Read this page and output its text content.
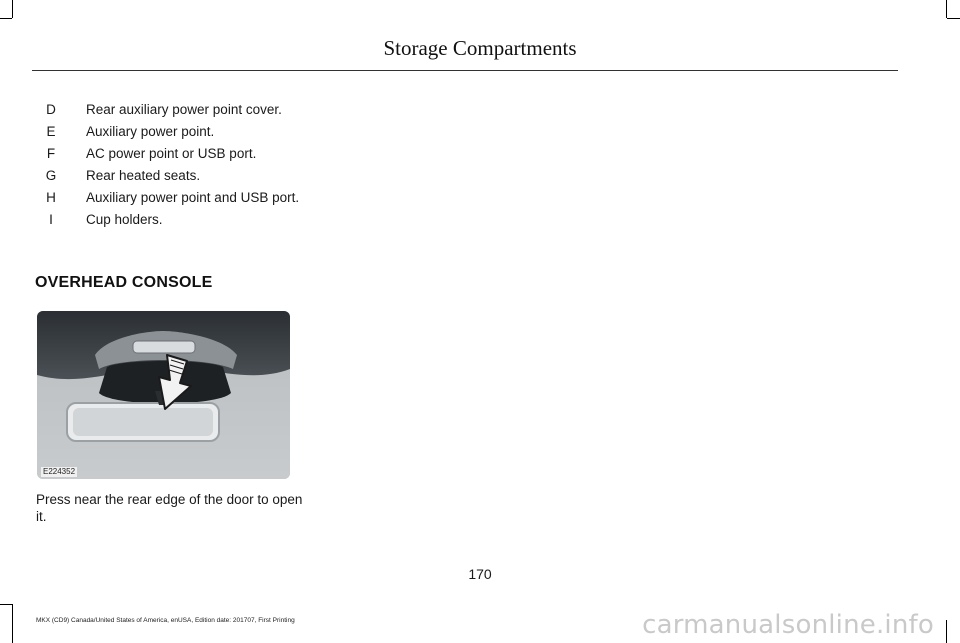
Storage Compartments
D	Rear auxiliary power point cover.
E	Auxiliary power point.
F	AC power point or USB port.
G	Rear heated seats.
H	Auxiliary power point and USB port.
I	Cup holders.
OVERHEAD CONSOLE
E224352
Press near the rear edge of the door to open it.
170
MKX (CD9) Canada/United States of America, enUSA, Edition date: 201707, First Printing	carmanualsonline.info
